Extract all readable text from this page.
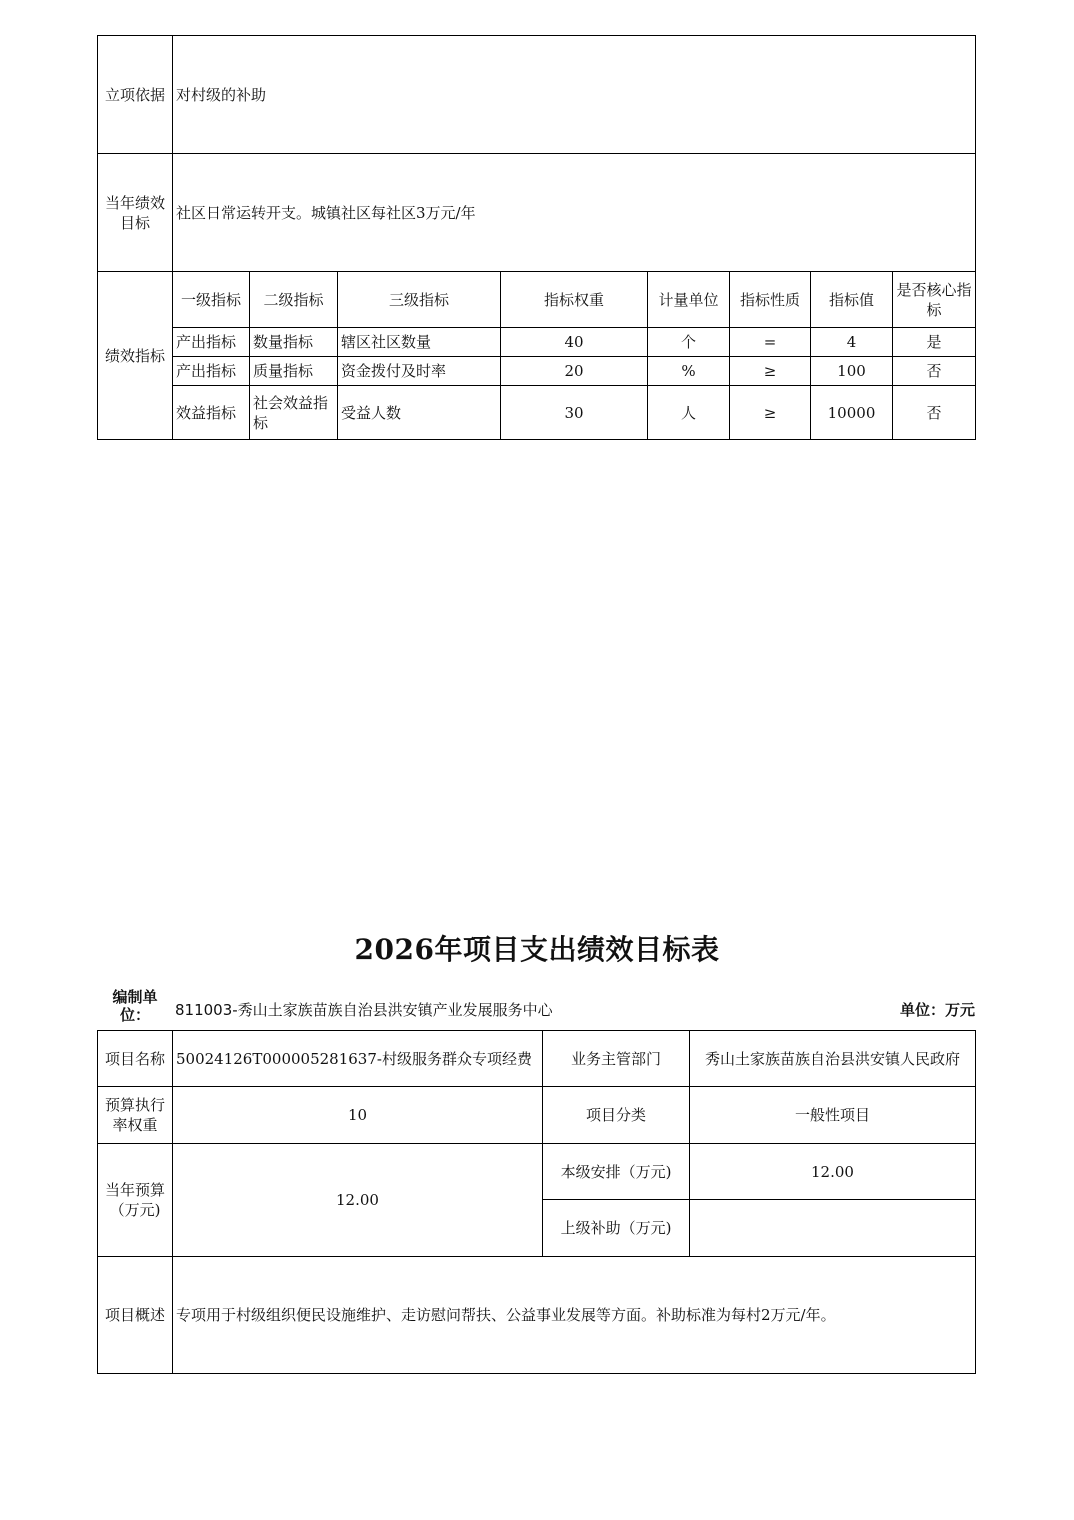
立项依据	对村级的补助							
当年绩效目标	社区日常运转开支。城镇社区每社区3万元/年							
绩效指标	一级指标	二级指标	三级指标	指标权重	计量单位	指标性质	指标值	是否核心指标
	产出指标	数量指标	辖区社区数量	40	个	=	4	是
	产出指标	质量指标	资金拨付及时率	20	%	≥	100	否
	效益指标	社会效益指标	受益人数	30	人	≥	10000	否
2026年项目支出绩效目标表
编制单位：	811003-秀山土家族苗族自治县洪安镇产业发展服务中心	单位：万元
项目名称	50024126T000005281637-村级服务群众专项经费	业务主管部门	秀山土家族苗族自治县洪安镇人民政府
预算执行率权重	10	项目分类	一般性项目
当年预算（万元)	12.00	本级安排（万元)	12.00
		上级补助（万元)	
项目概述	专项用于村级组织便民设施维护、走访慰问帮扶、公益事业发展等方面。补助标准为每村2万元/年。		
